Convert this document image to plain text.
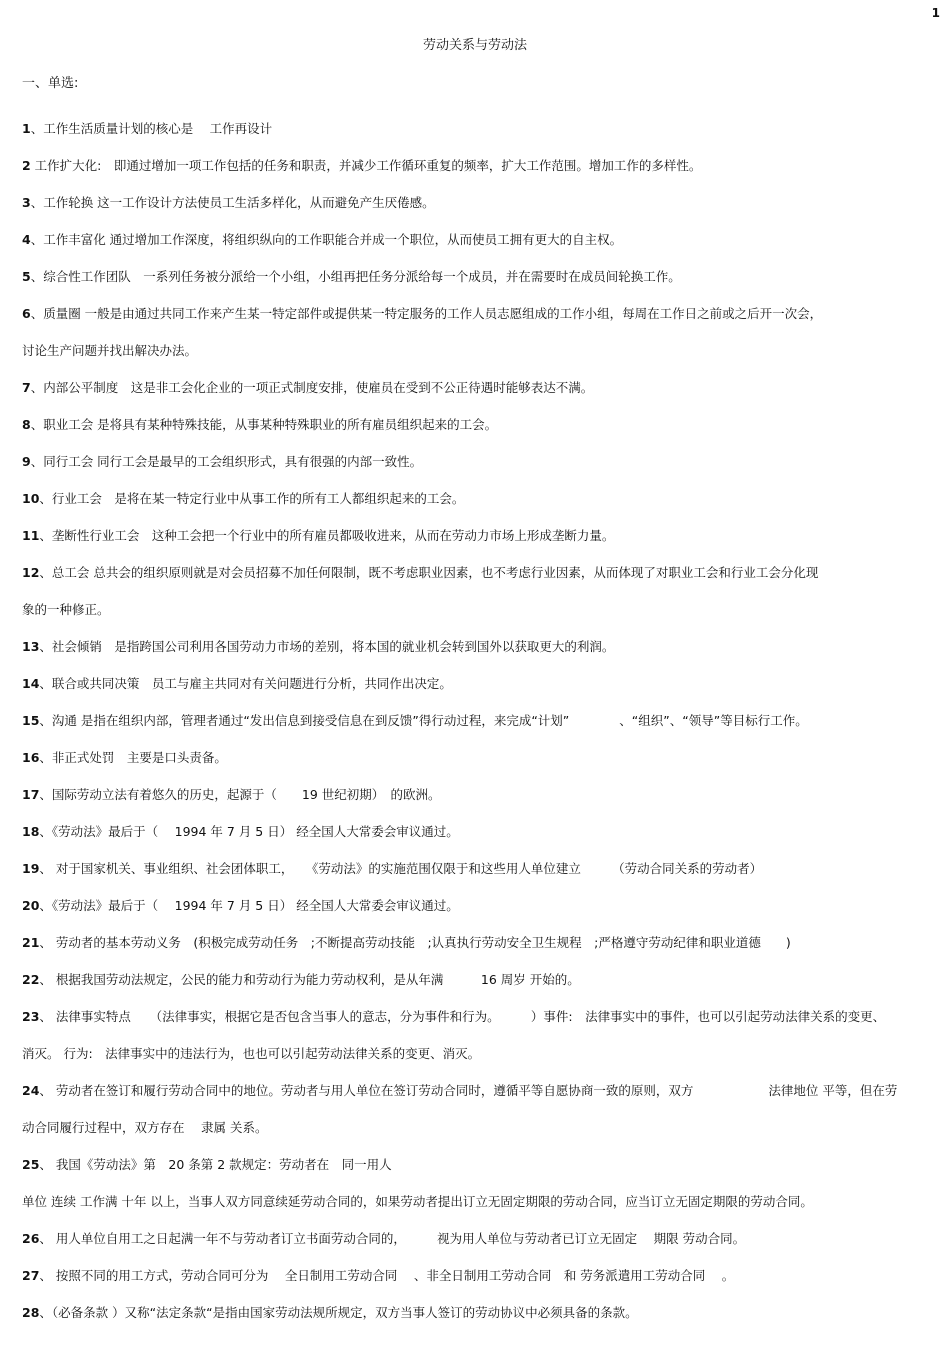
1
劳动关系与劳动法
一、单选:
1、工作生活质量计划的核心是　 工作再设计
2 工作扩大化:　即通过增加一项工作包括的任务和职责，并减少工作循环重复的频率，扩大工作范围。增加工作的多样性。
3、工作轮换 这一工作设计方法使员工生活多样化，从而避免产生厌倦感。
4、工作丰富化 通过增加工作深度，将组织纵向的工作职能合并成一个职位，从而使员工拥有更大的自主权。
5、综合性工作团队　一系列任务被分派给一个小组，小组再把任务分派给每一个成员，并在需要时在成员间轮换工作。
6、质量圈 一般是由通过共同工作来产生某一特定部件或提供某一特定服务的工作人员志愿组成的工作小组，每周在工作日之前或之后开一次会，
讨论生产问题并找出解决办法。
7、内部公平制度　这是非工会化企业的一项正式制度安排，使雇员在受到不公正待遇时能够表达不满。
8、职业工会 是将具有某种特殊技能，从事某种特殊职业的所有雇员组织起来的工会。
9、同行工会 同行工会是最早的工会组织形式，具有很强的内部一致性。
10、行业工会　是将在某一特定行业中从事工作的所有工人都组织起来的工会。
11、垄断性行业工会　这种工会把一个行业中的所有雇员都吸收进来，从而在劳动力市场上形成垄断力量。
12、总工会 总共会的组织原则就是对会员招募不加任何限制，既不考虑职业因素，也不考虑行业因素，从而体现了对职业工会和行业工会分化现
象的一种修正。
13、社会倾销　是指跨国公司利用各国劳动力市场的差别，将本国的就业机会转到国外以获取更大的利润。
14、联合或共同决策　员工与雇主共同对有关问题进行分析，共同作出决定。
15、沟通 是指在组织内部，管理者通过“发出信息到接受信息在到反馈”得行动过程，来完成“计划”　　　　、“组织”、“领导”等目标行工作。
16、非正式处罚　主要是口头责备。
17、国际劳动立法有着悠久的历史，起源于（　　19 世纪初期）　的欧洲。
18、《劳动法》最后于（　 1994 年 7 月 5 日） 经全国人大常委会审议通过。
19、 对于国家机关、事业组织、社会团体职工，　　《劳动法》的实施范围仅限于和这些用人单位建立　　　（劳动合同关系的劳动者）
20、《劳动法》最后于（　 1994 年 7 月 5 日） 经全国人大常委会审议通过。
21、 劳动者的基本劳动义务　(积极完成劳动任务　;不断提高劳动技能　;认真执行劳动安全卫生规程　;严格遵守劳动纪律和职业道德　　)
22、 根据我国劳动法规定，公民的能力和劳动行为能力劳动权利，是从年满　　　16 周岁 开始的。
23、 法律事实特点　　（法律事实，根据它是否包含当事人的意志，分为事件和行为。　　　）事件:　法律事实中的事件，也可以引起劳动法律关系的变更、
消灭。 行为:　法律事实中的违法行为，也也可以引起劳动法律关系的变更、消灭。
24、 劳动者在签订和履行劳动合同中的地位。劳动者与用人单位在签订劳动合同时，遵循平等自愿协商一致的原则，双方　　　　　　法律地位 平等，但在劳
动合同履行过程中，双方存在　 隶属 关系。
25、 我国《劳动法》第　20 条第 2 款规定：劳动者在　同一用人
单位 连续 工作满 十年 以上，当事人双方同意续延劳动合同的，如果劳动者提出订立无固定期限的劳动合同，应当订立无固定期限的劳动合同。
26、 用人单位自用工之日起满一年不与劳动者订立书面劳动合同的，　　　视为用人单位与劳动者已订立无固定　 期限 劳动合同。
27、 按照不同的用工方式，劳动合同可分为　 全日制用工劳动合同　 、非全日制用工劳动合同　和 劳务派遣用工劳动合同　 。
28、（必备条款 ）又称“法定条款“是指由国家劳动法规所规定，双方当事人签订的劳动协议中必须具备的条款。
